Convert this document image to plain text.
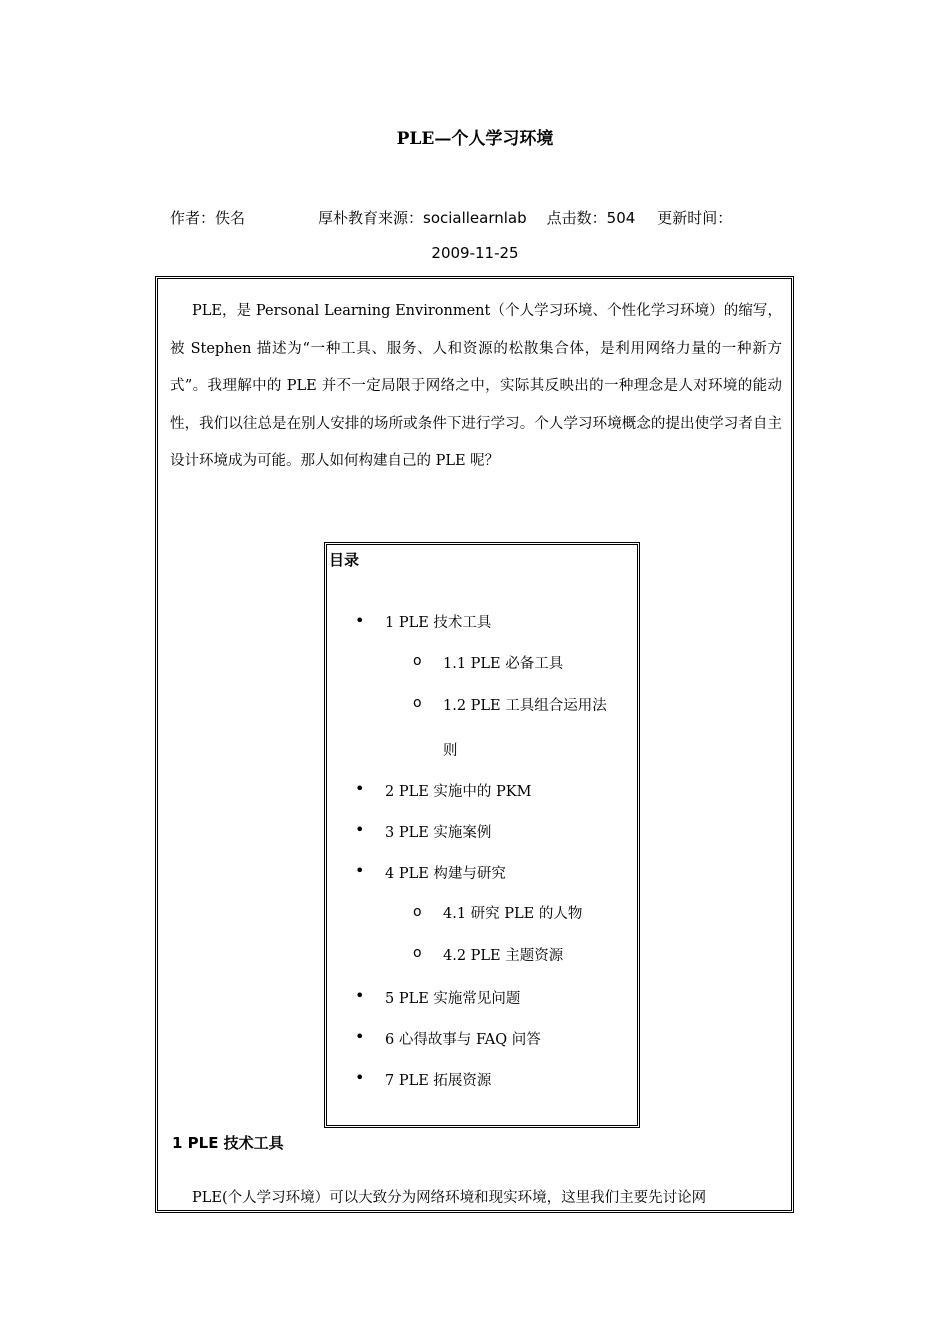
PLE—个人学习环境
作者：佚名	厚朴教育来源：sociallearnlab 点击数：504 更新时间：
2009-11-25

PLE，是 Personal Learning Environment（个人学习环境、个性化学习环境）的缩写，被 Stephen 描述为“一种工具、服务、人和资源的松散集合体，是利用网络力量的一种新方式”。我理解中的 PLE 并不一定局限于网络之中，实际其反映出的一种理念是人对环境的能动性，我们以往总是在别人安排的场所或条件下进行学习。个人学习环境概念的提出使学习者自主设计环境成为可能。那人如何构建自己的 PLE 呢？

目录
• 1 PLE 技术工具
o 1.1 PLE 必备工具
o 1.2 PLE 工具组合运用法
则
• 2 PLE 实施中的 PKM
• 3 PLE 实施案例
• 4 PLE 构建与研究
o 4.1 研究 PLE 的人物
o 4.2 PLE 主题资源
• 5 PLE 实施常见问题
• 6 心得故事与 FAQ 问答
• 7 PLE 拓展资源
1 PLE 技术工具

PLE(个人学习环境）可以大致分为网络环境和现实环境，这里我们主要先讨论网
